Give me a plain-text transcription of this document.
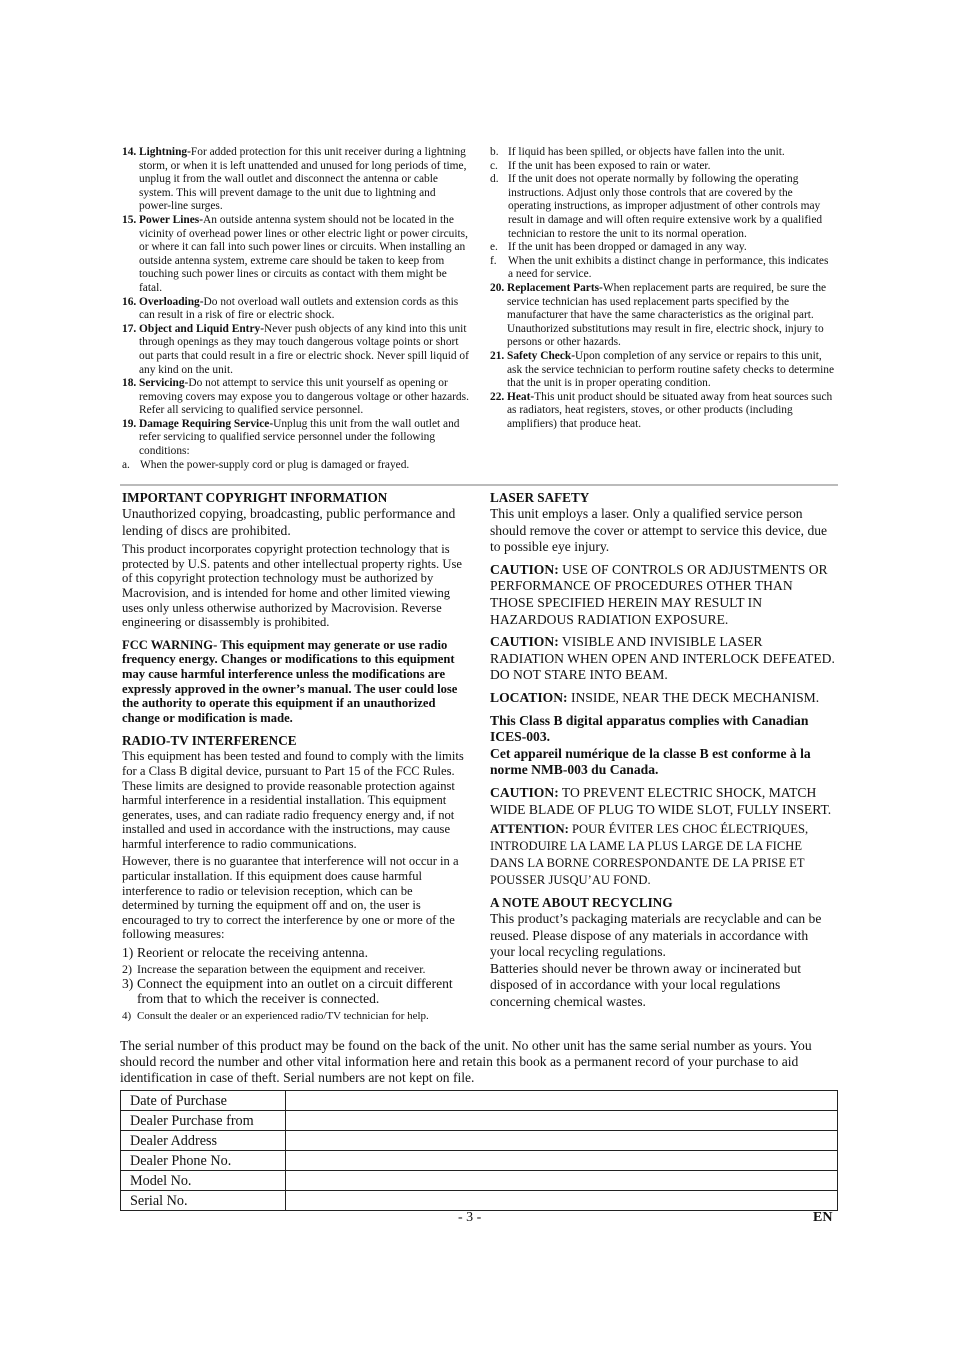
14. Lightning-For added protection for this unit receiver during a lightning storm, or when it is left unattended and unused for long periods of time, unplug it from the wall outlet and disconnect the antenna or cable system. This will prevent damage to the unit due to lightning and power-line surges.
15. Power Lines-An outside antenna system should not be located in the vicinity of overhead power lines or other electric light or power circuits, or where it can fall into such power lines or circuits. When installing an outside antenna system, extreme care should be taken to keep from touching such power lines or circuits as contact with them might be fatal.
16. Overloading-Do not overload wall outlets and extension cords as this can result in a risk of fire or electric shock.
17. Object and Liquid Entry-Never push objects of any kind into this unit through openings as they may touch dangerous voltage points or short out parts that could result in a fire or electric shock. Never spill liquid of any kind on the unit.
18. Servicing-Do not attempt to service this unit yourself as opening or removing covers may expose you to dangerous voltage or other hazards. Refer all servicing to qualified service personnel.
19. Damage Requiring Service-Unplug this unit from the wall outlet and refer servicing to qualified service personnel under the following conditions:
a. When the power-supply cord or plug is damaged or frayed.
b. If liquid has been spilled, or objects have fallen into the unit.
c. If the unit has been exposed to rain or water.
d. If the unit does not operate normally by following the operating instructions. Adjust only those controls that are covered by the operating instructions, as improper adjustment of other controls may result in damage and will often require extensive work by a qualified technician to restore the unit to its normal operation.
e. If the unit has been dropped or damaged in any way.
f. When the unit exhibits a distinct change in performance, this indicates a need for service.
20. Replacement Parts-When replacement parts are required, be sure the service technician has used replacement parts specified by the manufacturer that have the same characteristics as the original part. Unauthorized substitutions may result in fire, electric shock, injury to persons or other hazards.
21. Safety Check-Upon completion of any service or repairs to this unit, ask the service technician to perform routine safety checks to determine that the unit is in proper operating condition.
22. Heat-This unit product should be situated away from heat sources such as radiators, heat registers, stoves, or other products (including amplifiers) that produce heat.
IMPORTANT COPYRIGHT INFORMATION

Unauthorized copying, broadcasting, public performance and lending of discs are prohibited.

This product incorporates copyright protection technology that is protected by U.S. patents and other intellectual property rights. Use of this copyright protection technology must be authorized by Macrovision, and is intended for home and other limited viewing uses only unless otherwise authorized by Macrovision. Reverse engineering or disassembly is prohibited.

FCC WARNING- This equipment may generate or use radio frequency energy. Changes or modifications to this equipment may cause harmful interference unless the modifications are expressly approved in the owner’s manual. The user could lose the authority to operate this equipment if an unauthorized change or modification is made.

RADIO-TV INTERFERENCE

This equipment has been tested and found to comply with the limits for a Class B digital device, pursuant to Part 15 of the FCC Rules. These limits are designed to provide reasonable protection against harmful interference in a residential installation. This equipment generates, uses, and can radiate radio frequency energy and, if not installed and used in accordance with the instructions, may cause harmful interference to radio communications.

However, there is no guarantee that interference will not occur in a particular installation. If this equipment does cause harmful interference to radio or television reception, which can be determined by turning the equipment off and on, the user is encouraged to try to correct the interference by one or more of the following measures:

1) Reorient or relocate the receiving antenna.
2) Increase the separation between the equipment and receiver.
3) Connect the equipment into an outlet on a circuit different from that to which the receiver is connected.
4) Consult the dealer or an experienced radio/TV technician for help.
LASER SAFETY

This unit employs a laser. Only a qualified service person should remove the cover or attempt to service this device, due to possible eye injury.

CAUTION: USE OF CONTROLS OR ADJUSTMENTS OR PERFORMANCE OF PROCEDURES OTHER THAN THOSE SPECIFIED HEREIN MAY RESULT IN HAZARDOUS RADIATION EXPOSURE.

CAUTION: VISIBLE AND INVISIBLE LASER RADIATION WHEN OPEN AND INTERLOCK DEFEATED. DO NOT STARE INTO BEAM.

LOCATION: INSIDE, NEAR THE DECK MECHANISM.

This Class B digital apparatus complies with Canadian ICES-003.

Cet appareil numérique de la classe B est conforme à la norme NMB-003 du Canada.

CAUTION: TO PREVENT ELECTRIC SHOCK, MATCH WIDE BLADE OF PLUG TO WIDE SLOT, FULLY INSERT.

ATTENTION: POUR ÉVITER LES CHOC ÉLECTRIQUES, INTRODUIRE LA LAME LA PLUS LARGE DE LA FICHE DANS LA BORNE CORRESPONDANTE DE LA PRISE ET POUSSER JUSQU’AU FOND.

A NOTE ABOUT RECYCLING

This product’s packaging materials are recyclable and can be reused. Please dispose of any materials in accordance with your local recycling regulations.

Batteries should never be thrown away or incinerated but disposed of in accordance with your local regulations concerning chemical wastes.

The serial number of this product may be found on the back of the unit. No other unit has the same serial number as yours. You should record the number and other vital information here and retain this book as a permanent record of your purchase to aid identification in case of theft. Serial numbers are not kept on file.

Date of Purchase	
Dealer Purchase from	
Dealer Address	
Dealer Phone No.	
Model No.	
Serial No.	
- 3 -	EN
